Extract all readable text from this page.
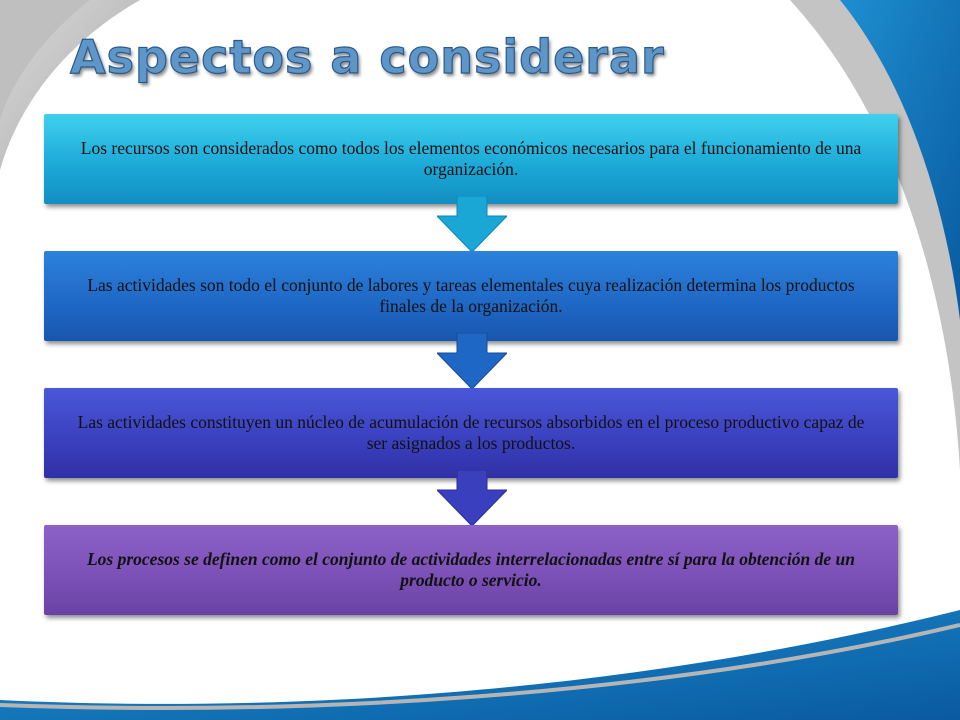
Aspectos a considerar
Los recursos son considerados como todos los elementos económicos necesarios para el funcionamiento de una organización.
Las actividades son todo el conjunto de labores y tareas elementales cuya realización determina los productos finales de la organización.
Las actividades constituyen un núcleo de acumulación de recursos absorbidos en el proceso productivo capaz de ser asignados a los productos.
Los procesos se definen como el conjunto de actividades interrelacionadas entre sí para la obtención de un producto o servicio.
